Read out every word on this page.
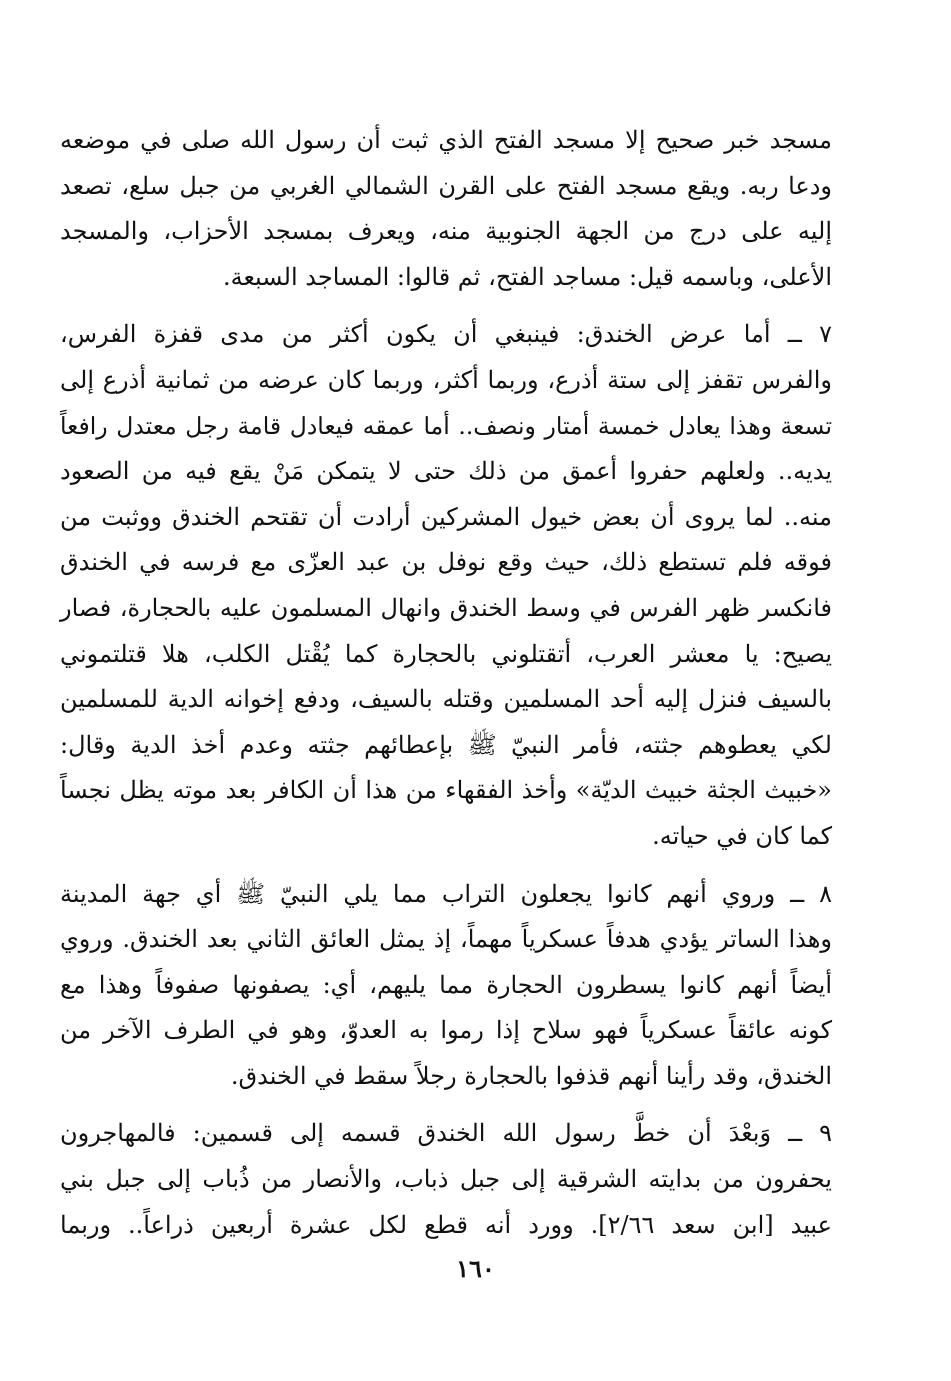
مسجد خبر صحيح إلا مسجد الفتح الذي ثبت أن رسول الله صلى في موضعه
ودعا ربه. ويقع مسجد الفتح على القرن الشمالي الغربي من جبل سلع، تصعد
إليه على درج من الجهة الجنوبية منه، ويعرف بمسجد الأحزاب، والمسجد
الأعلى، وباسمه قيل: مساجد الفتح، ثم قالوا: المساجد السبعة.
٧ ــ أما عرض الخندق: فينبغي أن يكون أكثر من مدى قفزة الفرس،
والفرس تقفز إلى ستة أذرع، وربما أكثر، وربما كان عرضه من ثمانية أذرع إلى
تسعة وهذا يعادل خمسة أمتار ونصف.. أما عمقه فيعادل قامة رجل معتدل رافعاً
يديه.. ولعلهم حفروا أعمق من ذلك حتى لا يتمكن مَنْ يقع فيه من الصعود
منه.. لما يروى أن بعض خيول المشركين أرادت أن تقتحم الخندق ووثبت من
فوقه فلم تستطع ذلك، حيث وقع نوفل بن عبد العزّى مع فرسه في الخندق
فانكسر ظهر الفرس في وسط الخندق وانهال المسلمون عليه بالحجارة، فصار
يصيح: يا معشر العرب، أتقتلوني بالحجارة كما يُقْتل الكلب، هلا قتلتموني
بالسيف فنزل إليه أحد المسلمين وقتله بالسيف، ودفع إخوانه الدية للمسلمين
لكي يعطوهم جثته، فأمر النبيّ ﷺ بإعطائهم جثته وعدم أخذ الدية وقال:
«خبيث الجثة خبيث الديّة» وأخذ الفقهاء من هذا أن الكافر بعد موته يظل نجساً
كما كان في حياته.
٨ ــ وروي أنهم كانوا يجعلون التراب مما يلي النبيّ ﷺ أي جهة المدينة
وهذا الساتر يؤدي هدفاً عسكرياً مهماً، إذ يمثل العائق الثاني بعد الخندق. وروي
أيضاً أنهم كانوا يسطرون الحجارة مما يليهم، أي: يصفونها صفوفاً وهذا مع
كونه عائقاً عسكرياً فهو سلاح إذا رموا به العدوّ، وهو في الطرف الآخر من
الخندق، وقد رأينا أنهم قذفوا بالحجارة رجلاً سقط في الخندق.
٩ ــ وَبعْدَ أن خطَّ رسول الله الخندق قسمه إلى قسمين: فالمهاجرون
يحفرون من بدايته الشرقية إلى جبل ذباب، والأنصار من ذُباب إلى جبل بني
عبيد [ابن سعد ٢/٦٦]. وورد أنه قطع لكل عشرة أربعين ذراعاً.. وربما
١٦٠
